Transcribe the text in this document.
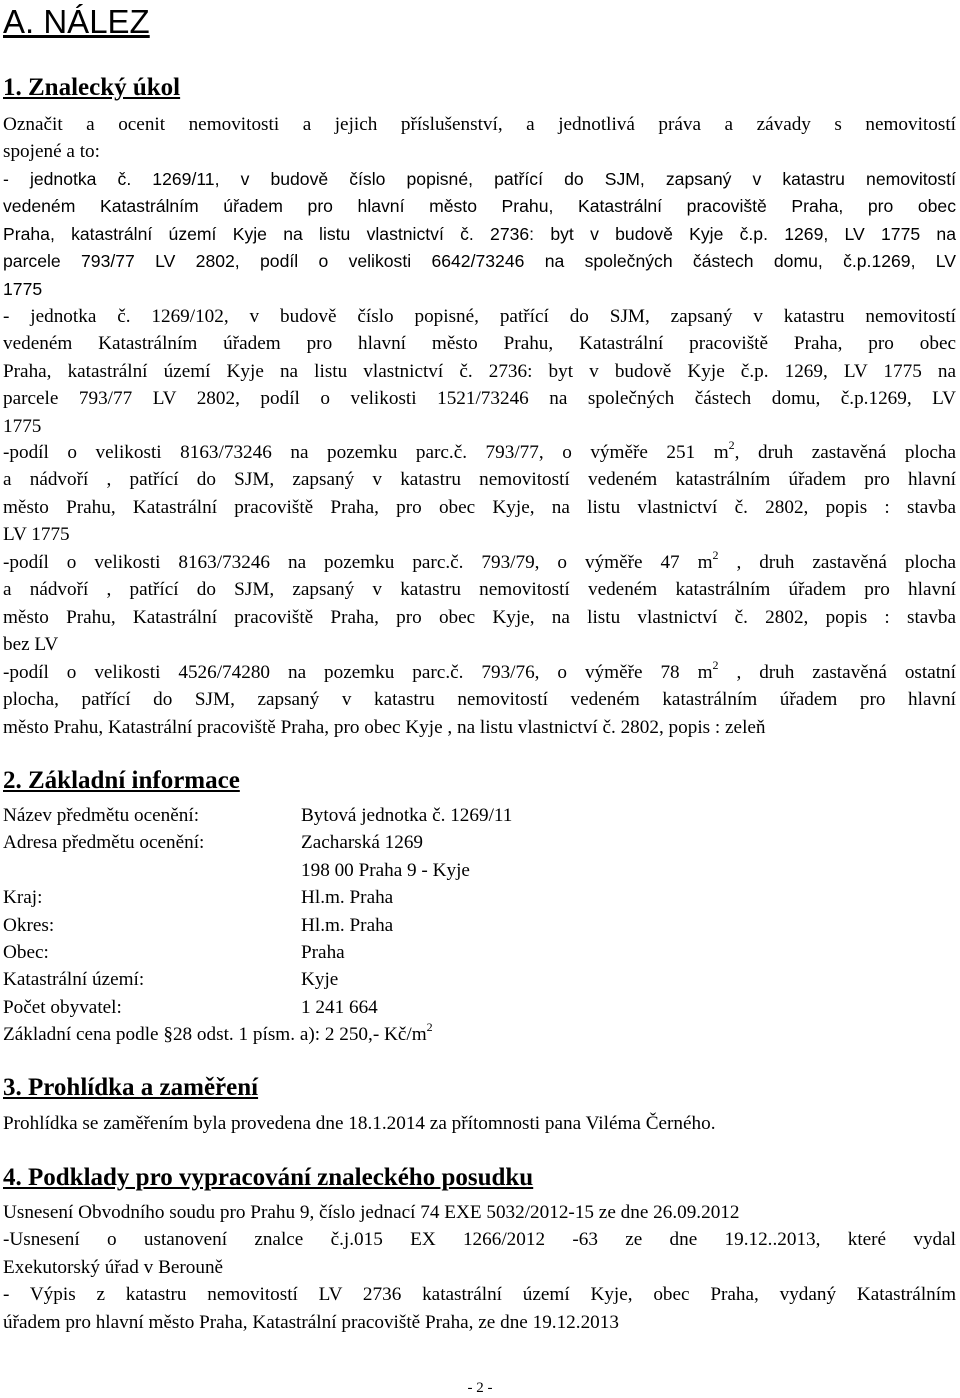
A. NÁLEZ
1. Znalecký úkol

Označit a ocenit nemovitosti a jejich příslušenství, a jednotlivá práva a závady s nemovitostí

spojené a to:

- jednotka č. 1269/11, v budově číslo popisné, patřící do SJM, zapsaný v katastru nemovitostí

vedeném Katastrálním úřadem pro hlavní město Prahu, Katastrální pracoviště Praha, pro obec

Praha, katastrální území Kyje na listu vlastnictví č. 2736: byt v budově Kyje č.p. 1269, LV 1775 na

parcele 793/77 LV 2802, podíl o velikosti 6642/73246 na společných částech domu, č.p.1269, LV

1775

- jednotka č. 1269/102, v budově číslo popisné, patřící do SJM, zapsaný v katastru nemovitostí

vedeném Katastrálním úřadem pro hlavní město Prahu, Katastrální pracoviště Praha, pro obec

Praha, katastrální území Kyje na listu vlastnictví č. 2736: byt v budově Kyje č.p. 1269, LV 1775 na

parcele 793/77 LV 2802, podíl o velikosti 1521/73246 na společných částech domu, č.p.1269, LV

1775

-podíl o velikosti 8163/73246 na pozemku parc.č. 793/77, o výměře 251 $m^2$, druh zastavěná plocha

a nádvoří , patřící do SJM, zapsaný v katastru nemovitostí vedeném katastrálním úřadem pro hlavní

město Prahu, Katastrální pracoviště Praha, pro obec Kyje, na listu vlastnictví č. 2802, popis : stavba

LV 1775

-podíl o velikosti 8163/73246 na pozemku parc.č. 793/79, o výměře 47 $m^2$ , druh zastavěná plocha

a nádvoří , patřící do SJM, zapsaný v katastru nemovitostí vedeném katastrálním úřadem pro hlavní

město Prahu, Katastrální pracoviště Praha, pro obec Kyje, na listu vlastnictví č. 2802, popis : stavba

bez LV

-podíl o velikosti 4526/74280 na pozemku parc.č. 793/76, o výměře 78 $m^2$ , druh zastavěná ostatní

plocha, patřící do SJM, zapsaný v katastru nemovitostí vedeném katastrálním úřadem pro hlavní

město Prahu, Katastrální pracoviště Praha, pro obec Kyje , na listu vlastnictví č. 2802, popis : zeleň

2. Základní informace
Název předmětu ocenění:	Bytová jednotka č. 1269/11
Adresa předmětu ocenění:	Zacharská 1269
198 00 Praha 9 - Kyje
Kraj:	Hl.m. Praha
Okres:	Hl.m. Praha
Obec:	Praha
Katastrální území:	Kyje
Počet obyvatel:	1 241 664
Základní cena podle §28 odst. 1 písm. a): 2 250,- $Kč/m^2$
3. Prohlídka a zaměření

Prohlídka se zaměřením byla provedena dne 18.1.2014 za přítomnosti pana Viléma Černého.

4. Podklady pro vypracování znaleckého posudku

Usnesení Obvodního soudu pro Prahu 9, číslo jednací 74 EXE 5032/2012-15 ze dne 26.09.2012

-Usnesení o ustanovení znalce č.j.015 EX 1266/2012 -63 ze dne 19.12..2013, které vydal

Exekutorský úřad v Berouně

- Výpis z katastru nemovitostí LV 2736 katastrální území Kyje, obec Praha, vydaný Katastrálním

úřadem pro hlavní město Praha, Katastrální pracoviště Praha, ze dne 19.12.2013

- 2 -
